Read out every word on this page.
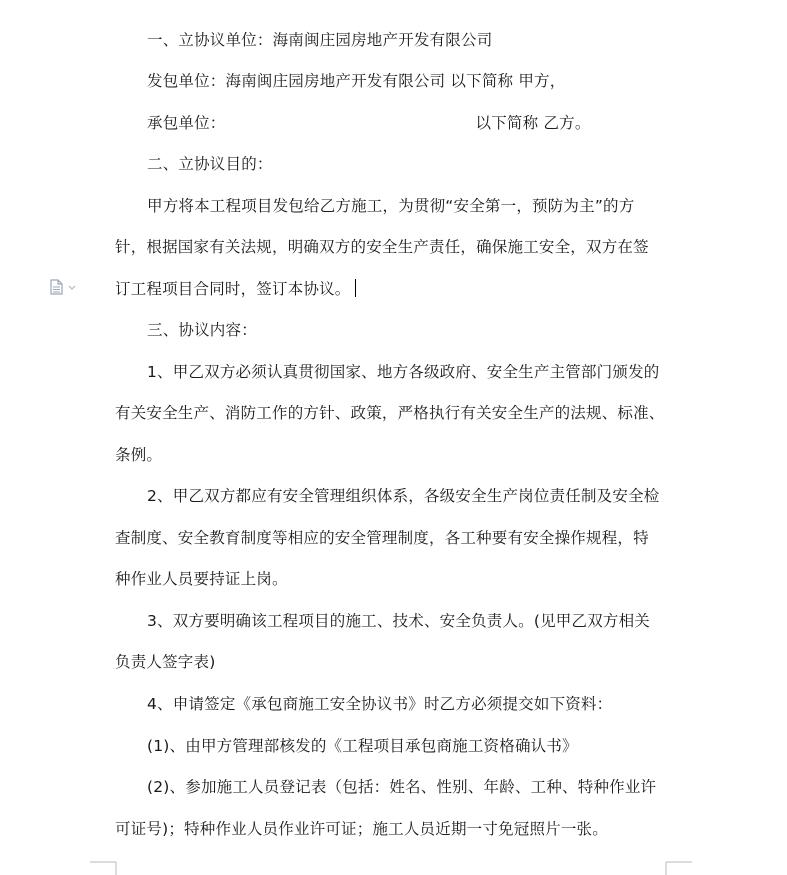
一、立协议单位：海南闽庄园房地产开发有限公司
发包单位：海南闽庄园房地产开发有限公司 以下简称 甲方，
承包单位：	以下简称 乙方。
二、立协议目的：
甲方将本工程项目发包给乙方施工，为贯彻“安全第一，预防为主”的方
针，根据国家有关法规，明确双方的安全生产责任，确保施工安全，双方在签
订工程项目合同时，签订本协议。
三、协议内容：
1、甲乙双方必须认真贯彻国家、地方各级政府、安全生产主管部门颁发的
有关安全生产、消防工作的方针、政策，严格执行有关安全生产的法规、标准、
条例。
2、甲乙双方都应有安全管理组织体系，各级安全生产岗位责任制及安全检
查制度、安全教育制度等相应的安全管理制度，各工种要有安全操作规程，特
种作业人员要持证上岗。
3、双方要明确该工程项目的施工、技术、安全负责人。(见甲乙双方相关
负责人签字表)
4、申请签定《承包商施工安全协议书》时乙方必须提交如下资料：
(1)、由甲方管理部核发的《工程项目承包商施工资格确认书》
(2)、参加施工人员登记表（包括：姓名、性别、年龄、工种、特种作业许
可证号)；特种作业人员作业许可证；施工人员近期一寸免冠照片一张。
